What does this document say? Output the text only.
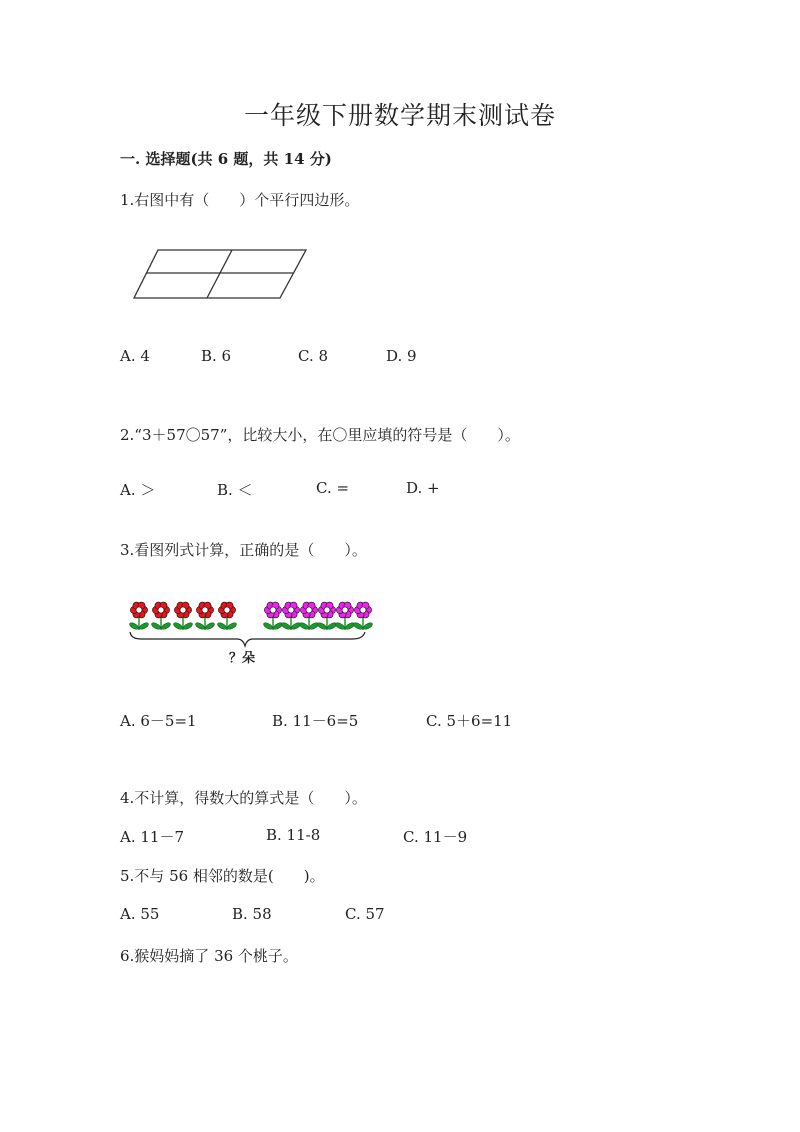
一年级下册数学期末测试卷
一. 选择题(共 6 题，共 14 分)
1.右图中有（　　）个平行四边形。
A. 4	B. 6	C. 8	D. 9
2.“3＋57〇57”，比较大小，在〇里应填的符号是（　　）。
A. ＞	B. ＜	C. =	D. +
3.看图列式计算，正确的是（　　）。
？朵
A. 6－5=1	B. 11－6=5	C. 5＋6=11
4.不计算，得数大的算式是（　　）。
A. 11－7	B. 11-8	C. 11－9
5.不与 56 相邻的数是(　　)。
A. 55	B. 58	C. 57
6.猴妈妈摘了 36 个桃子。
